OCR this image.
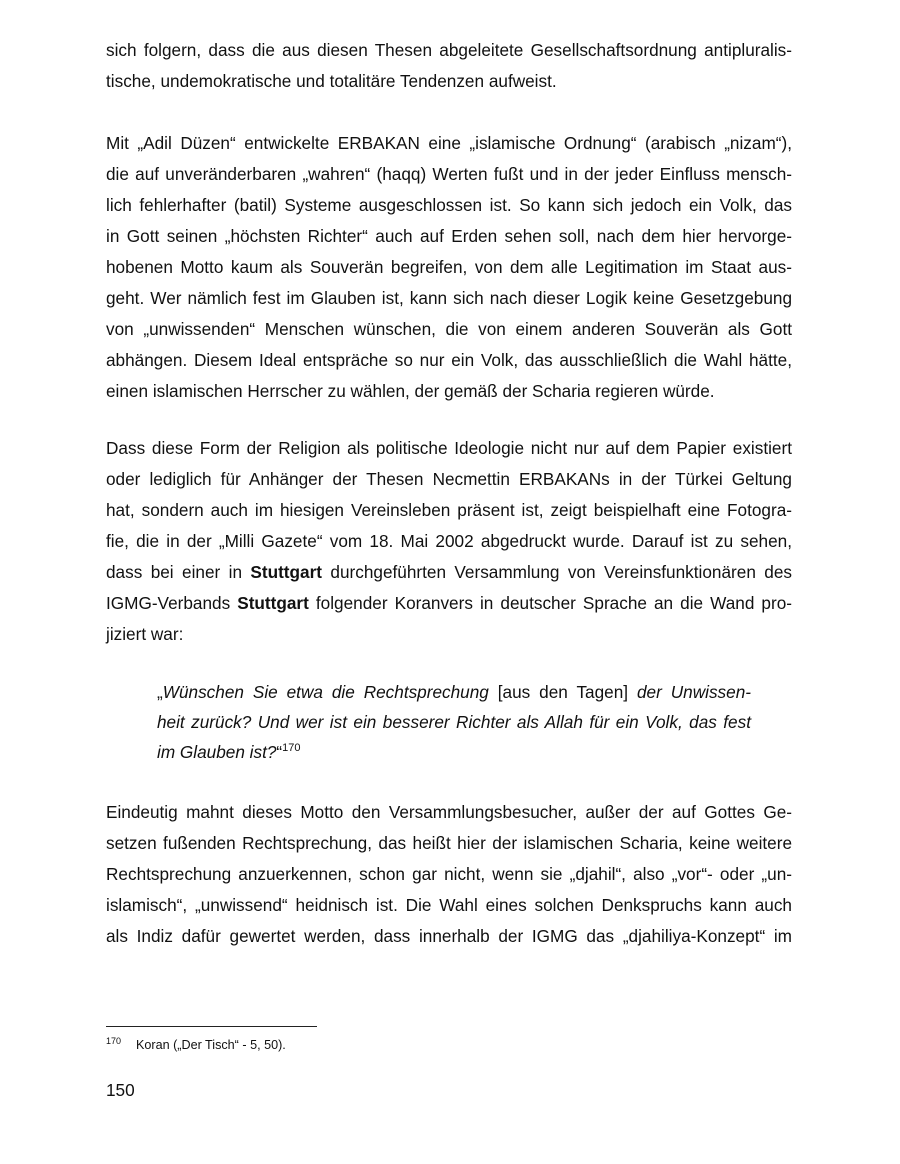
sich folgern, dass die aus diesen Thesen abgeleitete Gesellschaftsordnung antipluralis-

tische, undemokratische und totalitäre Tendenzen aufweist.

Mit „Adil Düzen“ entwickelte ERBAKAN eine „islamische Ordnung“ (arabisch „nizam“),

die auf unveränderbaren „wahren“ (haqq) Werten fußt und in der jeder Einfluss mensch-

lich fehlerhafter (batil) Systeme ausgeschlossen ist. So kann sich jedoch ein Volk, das

in Gott seinen „höchsten Richter“ auch auf Erden sehen soll, nach dem hier hervorge-

hobenen Motto kaum als Souverän begreifen, von dem alle Legitimation im Staat aus-

geht. Wer nämlich fest im Glauben ist, kann sich nach dieser Logik keine Gesetzgebung

von „unwissenden“ Menschen wünschen, die von einem anderen Souverän als Gott

abhängen. Diesem Ideal entspräche so nur ein Volk, das ausschließlich die Wahl hätte,

einen islamischen Herrscher zu wählen, der gemäß der Scharia regieren würde.

Dass diese Form der Religion als politische Ideologie nicht nur auf dem Papier existiert

oder lediglich für Anhänger der Thesen Necmettin ERBAKANs in der Türkei Geltung

hat, sondern auch im hiesigen Vereinsleben präsent ist, zeigt beispielhaft eine Fotogra-

fie, die in der „Milli Gazete“ vom 18. Mai 2002 abgedruckt wurde. Darauf ist zu sehen,

dass bei einer in Stuttgart durchgeführten Versammlung von Vereinsfunktionären des

IGMG-Verbands Stuttgart folgender Koranvers in deutscher Sprache an die Wand pro-

jiziert war:

„Wünschen Sie etwa die Rechtsprechung [aus den Tagen] der Unwissen-

heit zurück? Und wer ist ein besserer Richter als Allah für ein Volk, das fest

im Glauben ist?“$^{170}$

Eindeutig mahnt dieses Motto den Versammlungsbesucher, außer der auf Gottes Ge-

setzen fußenden Rechtsprechung, das heißt hier der islamischen Scharia, keine weitere

Rechtsprechung anzuerkennen, schon gar nicht, wenn sie „djahil“, also „vor“- oder „un-

islamisch“, „unwissend“ heidnisch ist. Die Wahl eines solchen Denkspruchs kann auch

als Indiz dafür gewertet werden, dass innerhalb der IGMG das „djahiliya-Konzept“ im

170 Koran („Der Tisch“ - 5, 50).
150
